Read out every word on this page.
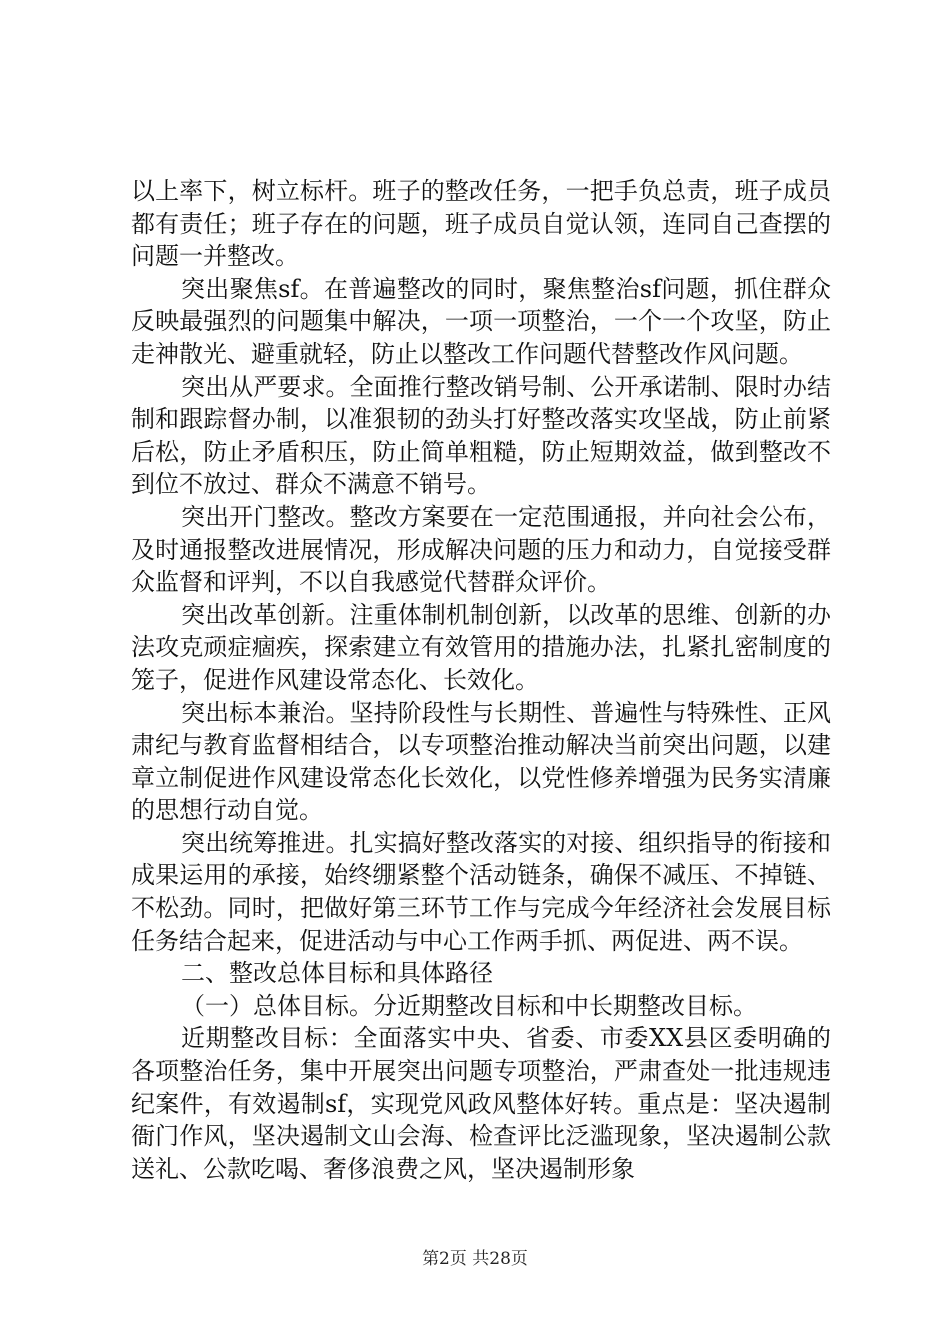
以上率下，树立标杆。班子的整改任务，一把手负总责，班子成员都有责任；班子存在的问题，班子成员自觉认领，连同自己查摆的问题一并整改。

突出聚焦sf。在普遍整改的同时，聚焦整治sf问题，抓住群众反映最强烈的问题集中解决，一项一项整治，一个一个攻坚，防止走神散光、避重就轻，防止以整改工作问题代替整改作风问题。

突出从严要求。全面推行整改销号制、公开承诺制、限时办结制和跟踪督办制，以准狠韧的劲头打好整改落实攻坚战，防止前紧后松，防止矛盾积压，防止简单粗糙，防止短期效益，做到整改不到位不放过、群众不满意不销号。

突出开门整改。整改方案要在一定范围通报，并向社会公布，及时通报整改进展情况，形成解决问题的压力和动力，自觉接受群众监督和评判，不以自我感觉代替群众评价。

突出改革创新。注重体制机制创新，以改革的思维、创新的办法攻克顽症痼疾，探索建立有效管用的措施办法，扎紧扎密制度的笼子，促进作风建设常态化、长效化。

突出标本兼治。坚持阶段性与长期性、普遍性与特殊性、正风肃纪与教育监督相结合，以专项整治推动解决当前突出问题，以建章立制促进作风建设常态化长效化，以党性修养增强为民务实清廉的思想行动自觉。

突出统筹推进。扎实搞好整改落实的对接、组织指导的衔接和成果运用的承接，始终绷紧整个活动链条，确保不减压、不掉链、不松劲。同时，把做好第三环节工作与完成今年经济社会发展目标任务结合起来，促进活动与中心工作两手抓、两促进、两不误。

二、整改总体目标和具体路径

（一）总体目标。分近期整改目标和中长期整改目标。

近期整改目标：全面落实中央、省委、市委XX县区委明确的各项整治任务，集中开展突出问题专项整治，严肃查处一批违规违纪案件，有效遏制sf，实现党风政风整体好转。重点是：坚决遏制衙门作风，坚决遏制文山会海、检查评比泛滥现象，坚决遏制公款送礼、公款吃喝、奢侈浪费之风，坚决遏制形象

第2页 共28页
